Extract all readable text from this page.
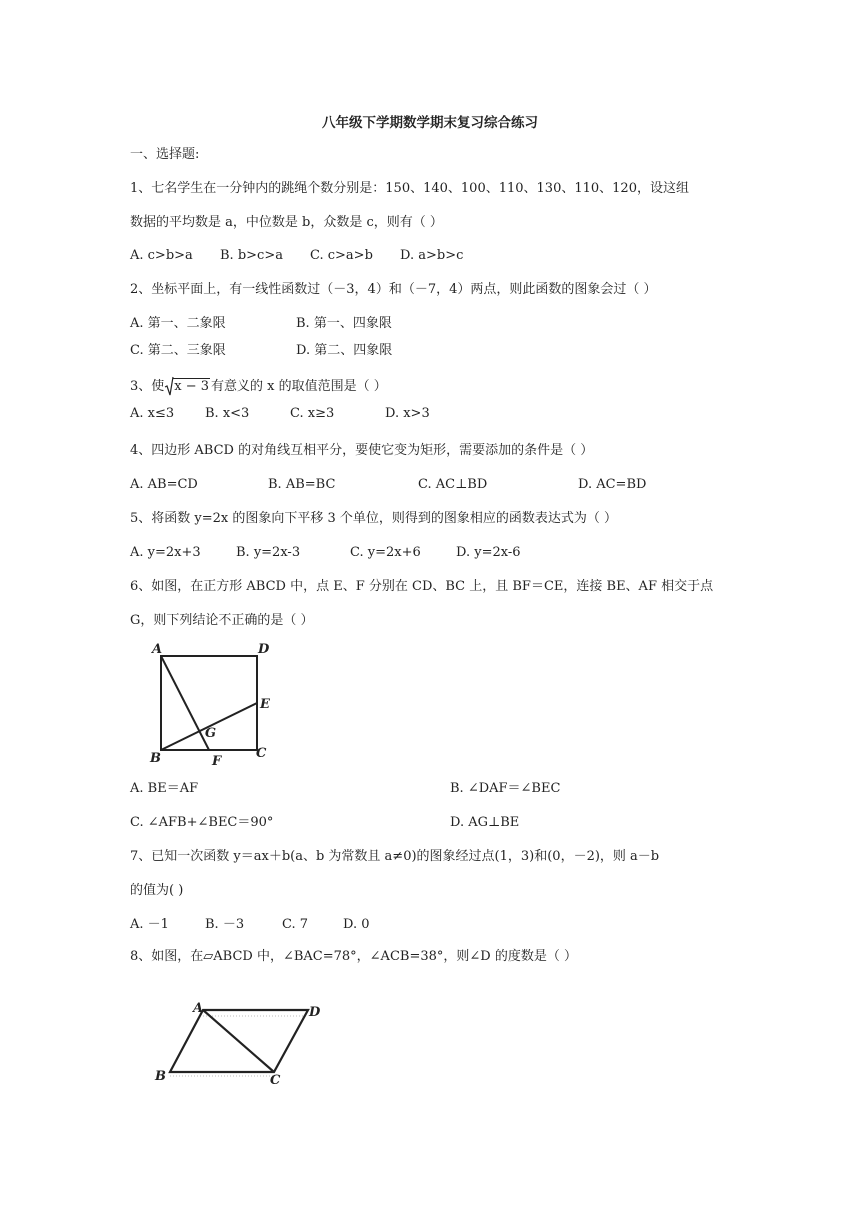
八年级下学期数学期末复习综合练习
一、选择题:
1、七名学生在一分钟内的跳绳个数分别是：150、140、100、110、130、110、120，设这组
数据的平均数是 a，中位数是 b，众数是 c，则有（ ）
A. c>b>a B. b>c>a C. c>a>b D. a>b>c
2、坐标平面上，有一线性函数过（－3，4）和（－7，4）两点，则此函数的图象会过（ ）
A. 第一、二象限	B. 第一、四象限
C. 第二、三象限	D. 第二、四象限
3、使 x − 3 有意义的 x 的取值范围是（ ）
A. x≤3 B. x<3	C. x≥3	D. x>3
4、四边形 ABCD 的对角线互相平分，要使它变为矩形，需要添加的条件是（ ）
A. AB=CD	B. AB=BC	C. AC⊥BD	D. AC=BD
5、将函数 y=2x 的图象向下平移 3 个单位，则得到的图象相应的函数表达式为（ ）
A. y=2x+3	B. y=2x-3	C. y=2x+6	D. y=2x-6
6、如图，在正方形 ABCD 中，点 E、F 分别在 CD、BC 上，且 BF＝CE，连接 BE、AF 相交于点
G，则下列结论不正确的是（ ）
A	D
E
G
B	C
F
A. BE＝AF	B. ∠DAF＝∠BEC
C. ∠AFB+∠BEC＝90°	D. AG⊥BE
7、已知一次函数 y＝ax＋b(a、b 为常数且 a≠0)的图象经过点(1，3)和(0，－2)，则 a－b
的值为( )
A. －1	B. －3	C. 7	D. 0
8、如图，在▱ABCD 中，∠BAC=78°，∠ACB=38°，则∠D 的度数是（ ）
A	D
B	C
